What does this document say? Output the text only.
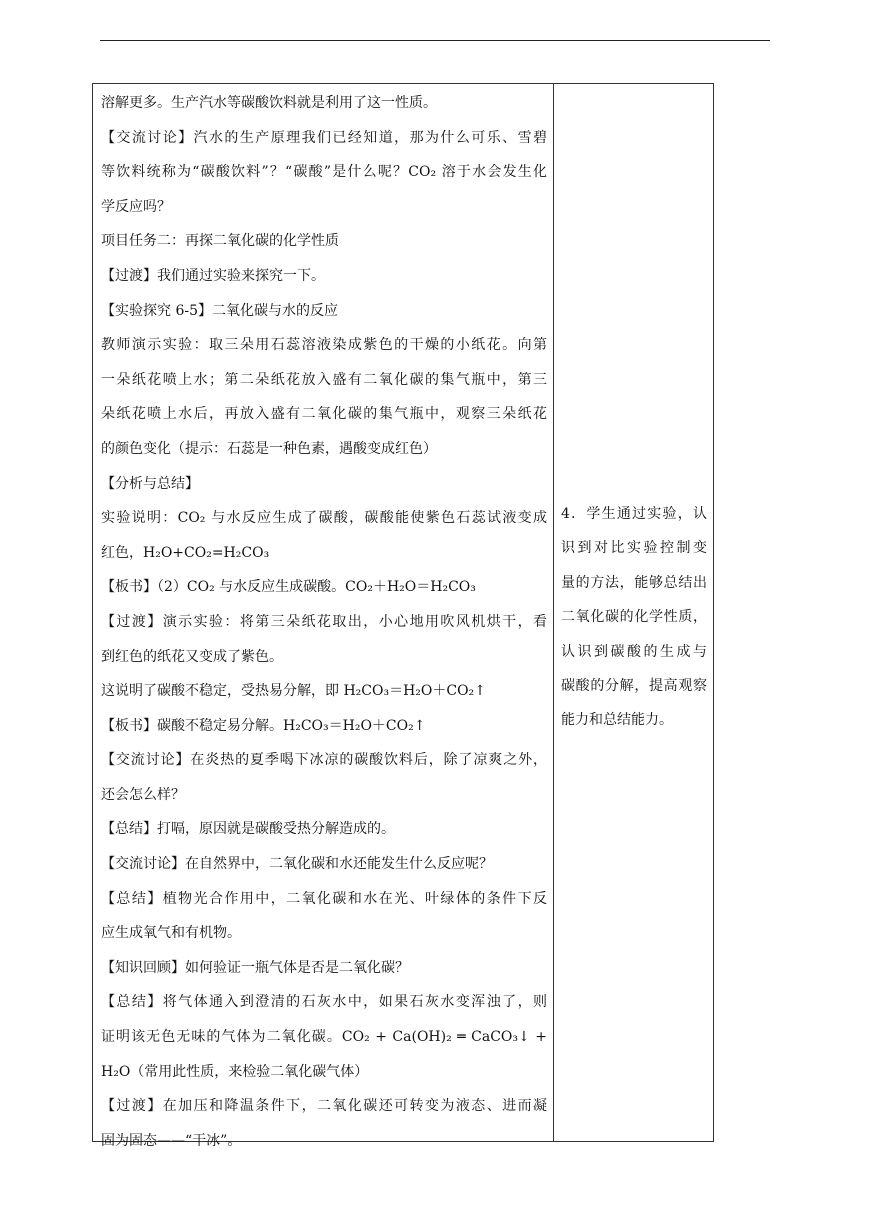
溶解更多。生产汽水等碳酸饮料就是利用了这一性质。
【交流讨论】汽水的生产原理我们已经知道，那为什么可乐、雪碧
等饮料统称为“碳酸饮料”？“碳酸”是什么呢？CO₂ 溶于水会发生化
学反应吗？
项目任务二：再探二氧化碳的化学性质
【过渡】我们通过实验来探究一下。
【实验探究 6-5】二氧化碳与水的反应
教师演示实验：取三朵用石蕊溶液染成紫色的干燥的小纸花。向第
一朵纸花喷上水；第二朵纸花放入盛有二氧化碳的集气瓶中，第三
朵纸花喷上水后，再放入盛有二氧化碳的集气瓶中，观察三朵纸花
的颜色变化（提示：石蕊是一种色素，遇酸变成红色）
【分析与总结】
实验说明：CO₂ 与水反应生成了碳酸，碳酸能使紫色石蕊试液变成
红色，H₂O+CO₂=H₂CO₃
【板书】（2）CO₂ 与水反应生成碳酸。CO₂＋H₂O＝H₂CO₃
【过渡】演示实验：将第三朵纸花取出，小心地用吹风机烘干，看
到红色的纸花又变成了紫色。
这说明了碳酸不稳定，受热易分解，即 H₂CO₃＝H₂O＋CO₂↑
【板书】碳酸不稳定易分解。H₂CO₃＝H₂O＋CO₂↑
【交流讨论】在炎热的夏季喝下冰凉的碳酸饮料后，除了凉爽之外，
还会怎么样？
【总结】打嗝，原因就是碳酸受热分解造成的。
【交流讨论】在自然界中，二氧化碳和水还能发生什么反应呢？
【总结】植物光合作用中，二氧化碳和水在光、叶绿体的条件下反
应生成氧气和有机物。
【知识回顾】如何验证一瓶气体是否是二氧化碳？
【总结】将气体通入到澄清的石灰水中，如果石灰水变浑浊了，则
证明该无色无味的气体为二氧化碳。CO₂ + Ca(OH)₂ ═ CaCO₃↓ +
H₂O（常用此性质，来检验二氧化碳气体）
【过渡】在加压和降温条件下，二氧化碳还可转变为液态、进而凝
固为固态——“干冰”。
4．学生通过实验，认
识到对比实验控制变
量的方法，能够总结出
二氧化碳的化学性质，
认识到碳酸的生成与
碳酸的分解，提高观察
能力和总结能力。
